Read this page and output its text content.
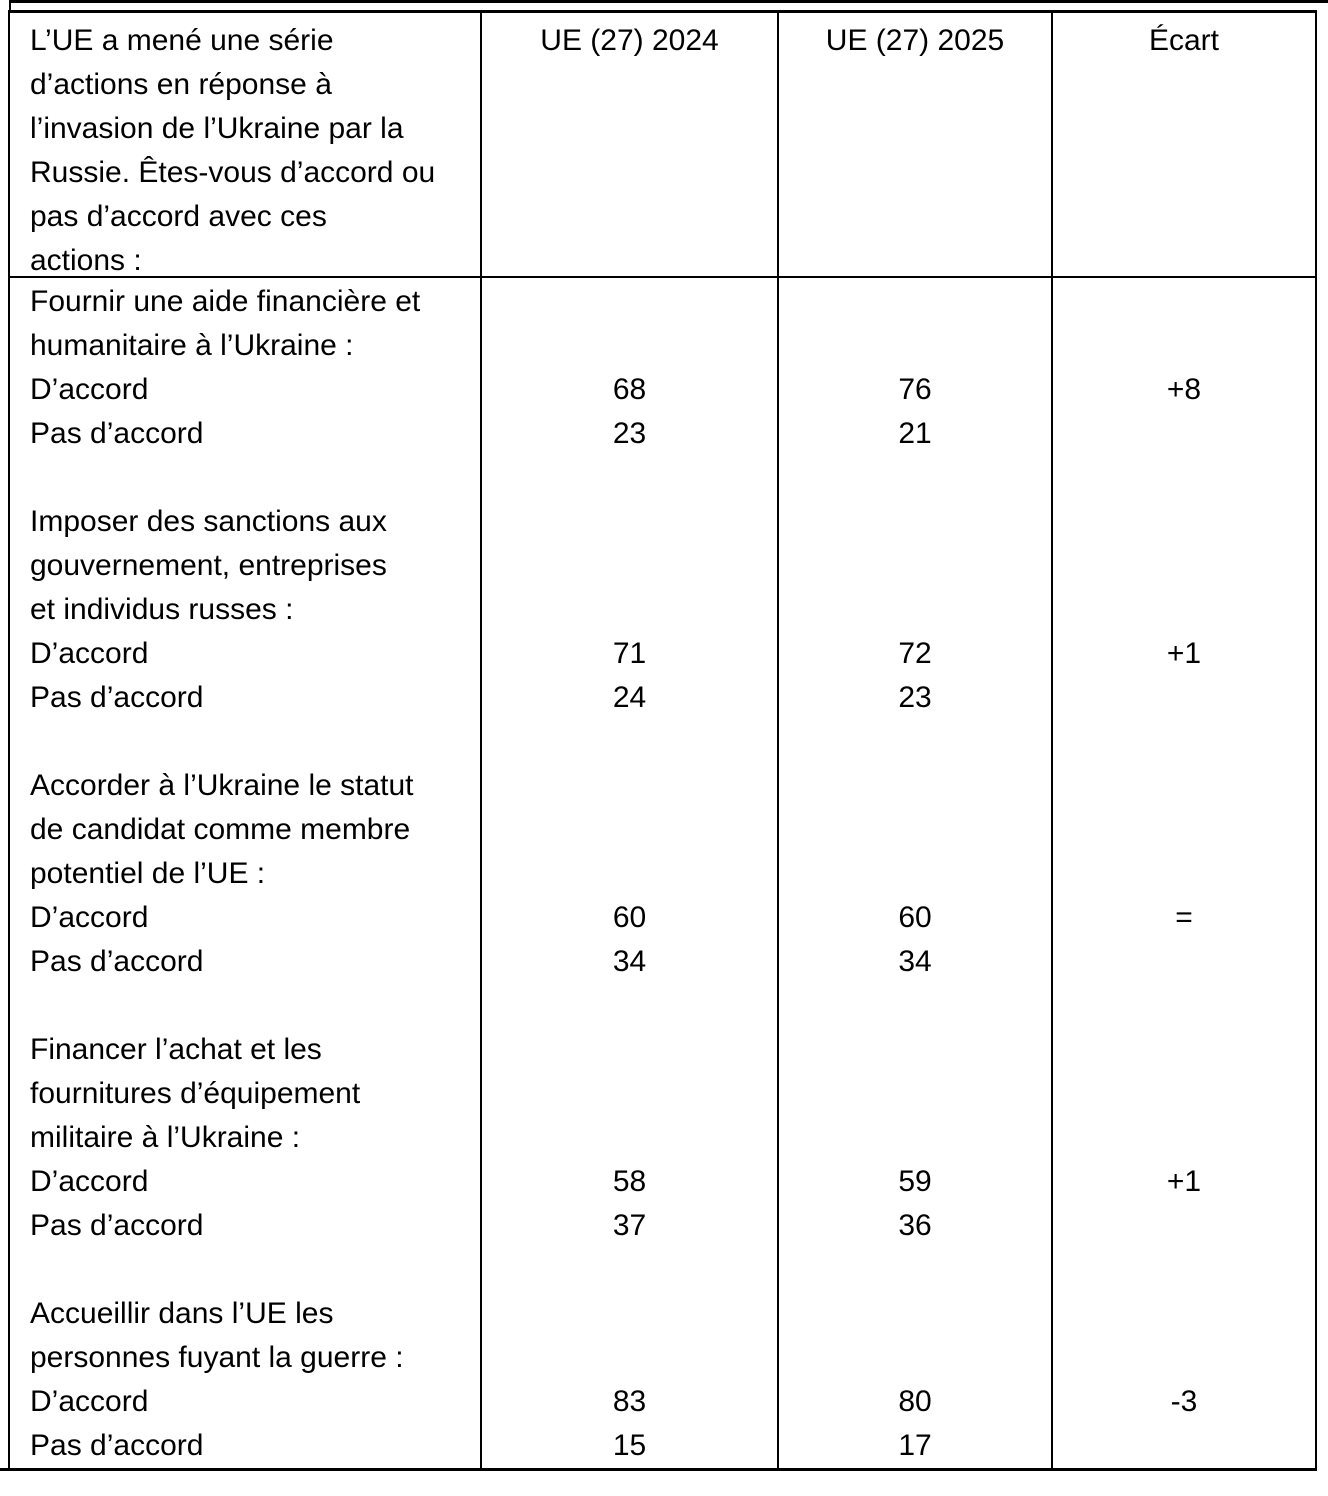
L’UE a mené une série
d’actions en réponse à
l’invasion de l’Ukraine par la
Russie. Êtes-vous d’accord ou
pas d’accord avec ces
actions :
UE (27) 2024	UE (27) 2025	Écart
Fournir une aide financière et
humanitaire à l’Ukraine :
D’accord
Pas d’accord
Imposer des sanctions aux
gouvernement, entreprises
et individus russes :
D’accord
Pas d’accord
Accorder à l’Ukraine le statut
de candidat comme membre
potentiel de l’UE :
D’accord
Pas d’accord
Financer l’achat et les
fournitures d’équipement
militaire à l’Ukraine :
D’accord
Pas d’accord
Accueillir dans l’UE les
personnes fuyant la guerre :
D’accord
Pas d’accord
68
23
71
24
60
34
58
37
83
15
76
21
72
23
60
34
59
36
80
17
+8
+1
=
+1
-3
